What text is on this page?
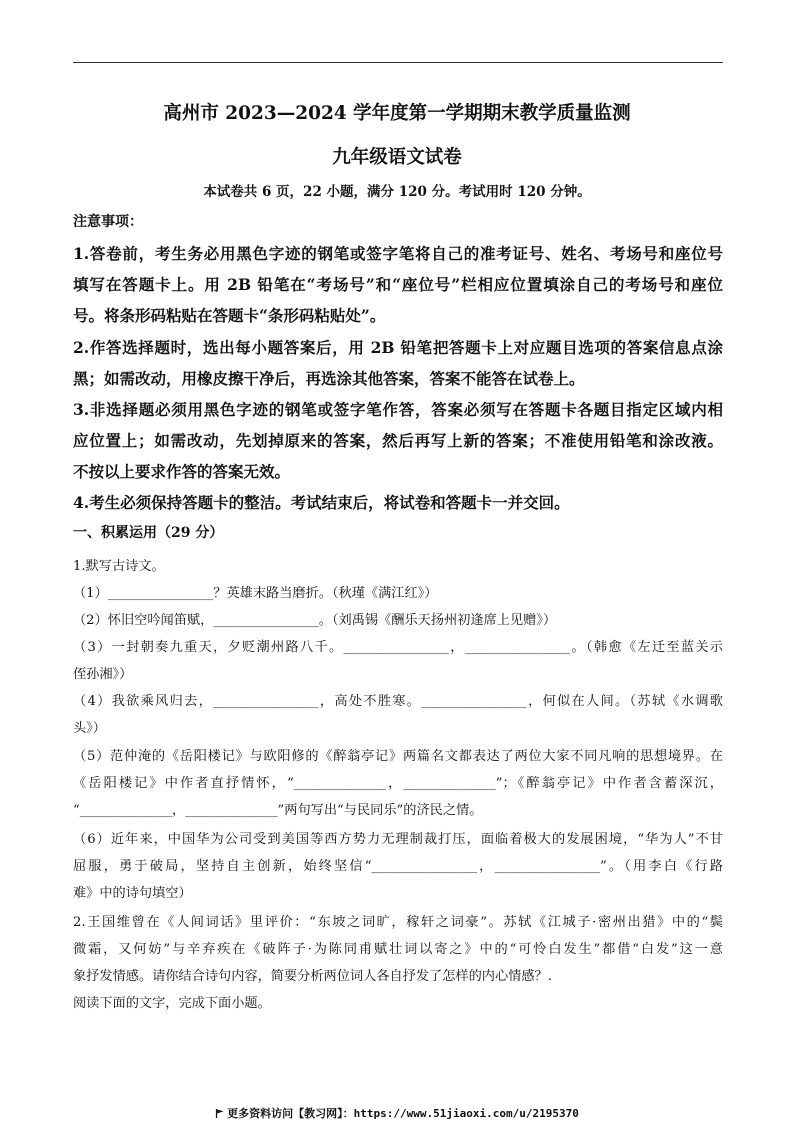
高州市 2023—2024 学年度第一学期期末教学质量监测
九年级语文试卷
本试卷共 6 页，22 小题，满分 120 分。考试用时 120 分钟。
注意事项：
1.答卷前，考生务必用黑色字迹的钢笔或签字笔将自己的准考证号、姓名、考场号和座位号
填写在答题卡上。用 2B 铅笔在“考场号”和“座位号”栏相应位置填涂自己的考场号和座位
号。将条形码粘贴在答题卡“条形码粘贴处”。
2.作答选择题时，选出每小题答案后，用 2B 铅笔把答题卡上对应题目选项的答案信息点涂
黑；如需改动，用橡皮擦干净后，再选涂其他答案，答案不能答在试卷上。
3.非选择题必须用黑色字迹的钢笔或签字笔作答，答案必须写在答题卡各题目指定区域内相
应位置上；如需改动，先划掉原来的答案，然后再写上新的答案；不准使用铅笔和涂改液。
不按以上要求作答的答案无效。
4.考生必须保持答题卡的整洁。考试结束后，将试卷和答题卡一并交回。
一、积累运用（29 分）
1.默写古诗文。
（1）________________？英雄末路当磨折。（秋瑾《满江红》）
（2）怀旧空吟闻笛赋，________________。（刘禹锡《酬乐天扬州初逢席上见赠》）
（3）一封朝奏九重天，夕贬潮州路八千。________________，________________。（韩愈《左迁至蓝关示
侄孙湘》）
（4）我欲乘风归去，________________，高处不胜寒。________________，何似在人间。（苏轼《水调歌
头》）
（5）范仲淹的《岳阳楼记》与欧阳修的《醉翁亭记》两篇名文都表达了两位大家不同凡响的思想境界。在
《岳阳楼记》中作者直抒情怀，“______________，______________”；《醉翁亭记》中作者含蓄深沉，
“______________，______________”两句写出“与民同乐”的济民之情。
（6）近年来，中国华为公司受到美国等西方势力无理制裁打压，面临着极大的发展困境，“华为人”不甘
屈服，勇于破局，坚持自主创新，始终坚信“________________，________________”。（用李白《行路
难》中的诗句填空）
2.王国维曾在《人间词话》里评价：“东坡之词旷，稼轩之词豪”。苏轼《江城子·密州出猎》中的“鬓
微霜，又何妨”与辛弃疾在《破阵子·为陈同甫赋壮词以寄之》中的“可怜白发生”都借“白发”这一意
象抒发情感。请你结合诗句内容，简要分析两位词人各自抒发了怎样的内心情感？.
阅读下面的文字，完成下面小题。
更多资料访问【教习网】：https://www.51jiaoxi.com/u/2195370
